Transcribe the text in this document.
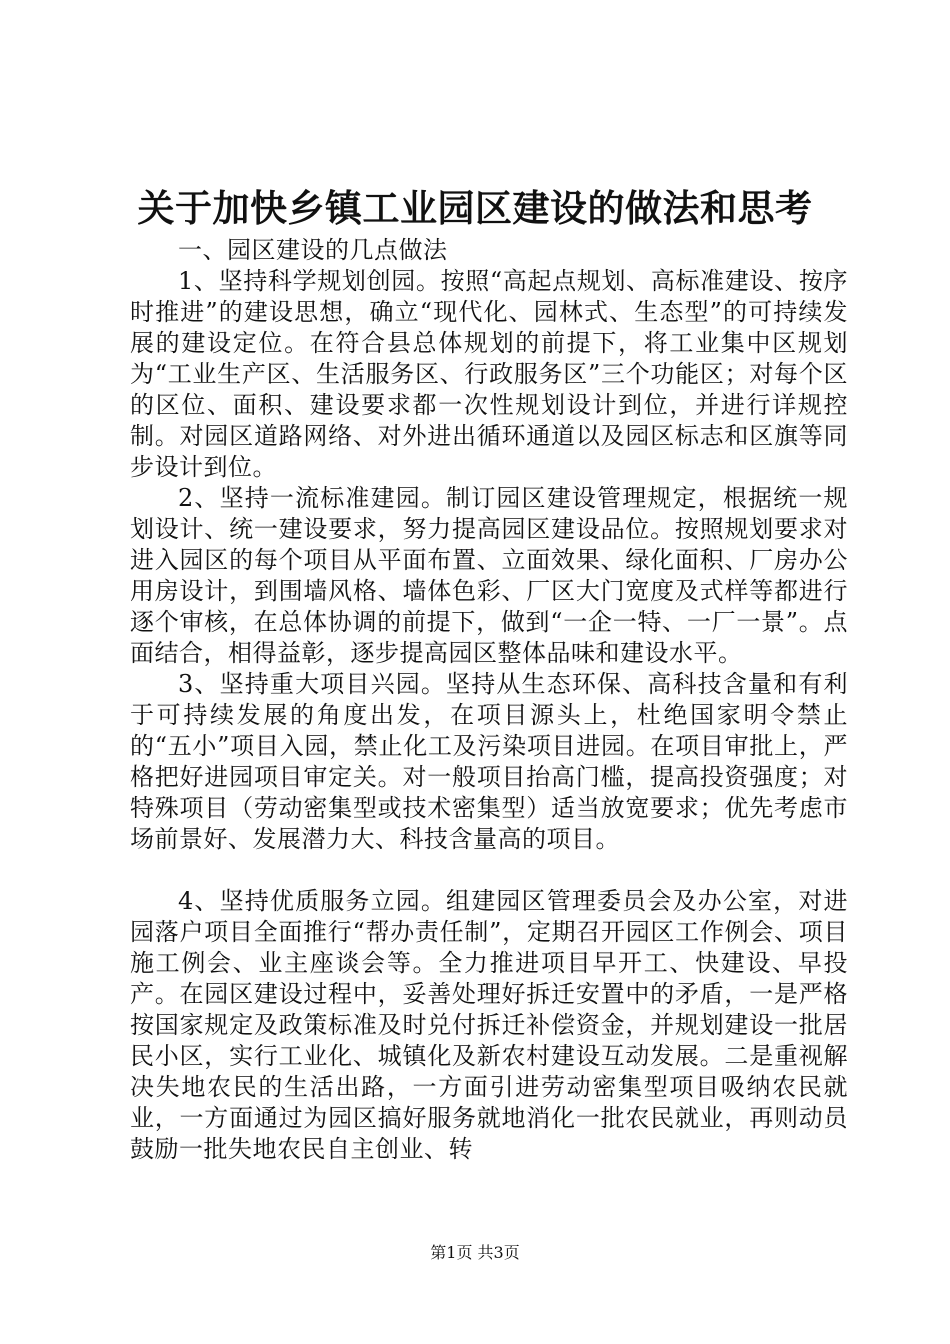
关于加快乡镇工业园区建设的做法和思考

一、园区建设的几点做法

1、坚持科学规划创园。按照“高起点规划、高标准建设、按序时推进”的建设思想，确立“现代化、园林式、生态型”的可持续发展的建设定位。在符合县总体规划的前提下，将工业集中区规划为“工业生产区、生活服务区、行政服务区”三个功能区；对每个区的区位、面积、建设要求都一次性规划设计到位，并进行详规控制。对园区道路网络、对外进出循环通道以及园区标志和区旗等同步设计到位。

2、坚持一流标准建园。制订园区建设管理规定，根据统一规划设计、统一建设要求，努力提高园区建设品位。按照规划要求对进入园区的每个项目从平面布置、立面效果、绿化面积、厂房办公用房设计，到围墙风格、墙体色彩、厂区大门宽度及式样等都进行逐个审核，在总体协调的前提下，做到“一企一特、一厂一景”。点面结合，相得益彰，逐步提高园区整体品味和建设水平。

3、坚持重大项目兴园。坚持从生态环保、高科技含量和有利于可持续发展的角度出发，在项目源头上，杜绝国家明令禁止的“五小”项目入园，禁止化工及污染项目进园。在项目审批上，严格把好进园项目审定关。对一般项目抬高门槛，提高投资强度；对特殊项目（劳动密集型或技术密集型）适当放宽要求；优先考虑市场前景好、发展潜力大、科技含量高的项目。

4、坚持优质服务立园。组建园区管理委员会及办公室，对进园落户项目全面推行“帮办责任制”，定期召开园区工作例会、项目施工例会、业主座谈会等。全力推进项目早开工、快建设、早投产。在园区建设过程中，妥善处理好拆迁安置中的矛盾，一是严格按国家规定及政策标准及时兑付拆迁补偿资金，并规划建设一批居民小区，实行工业化、城镇化及新农村建设互动发展。二是重视解决失地农民的生活出路，一方面引进劳动密集型项目吸纳农民就业，一方面通过为园区搞好服务就地消化一批农民就业，再则动员鼓励一批失地农民自主创业、转

第1页 共3页
